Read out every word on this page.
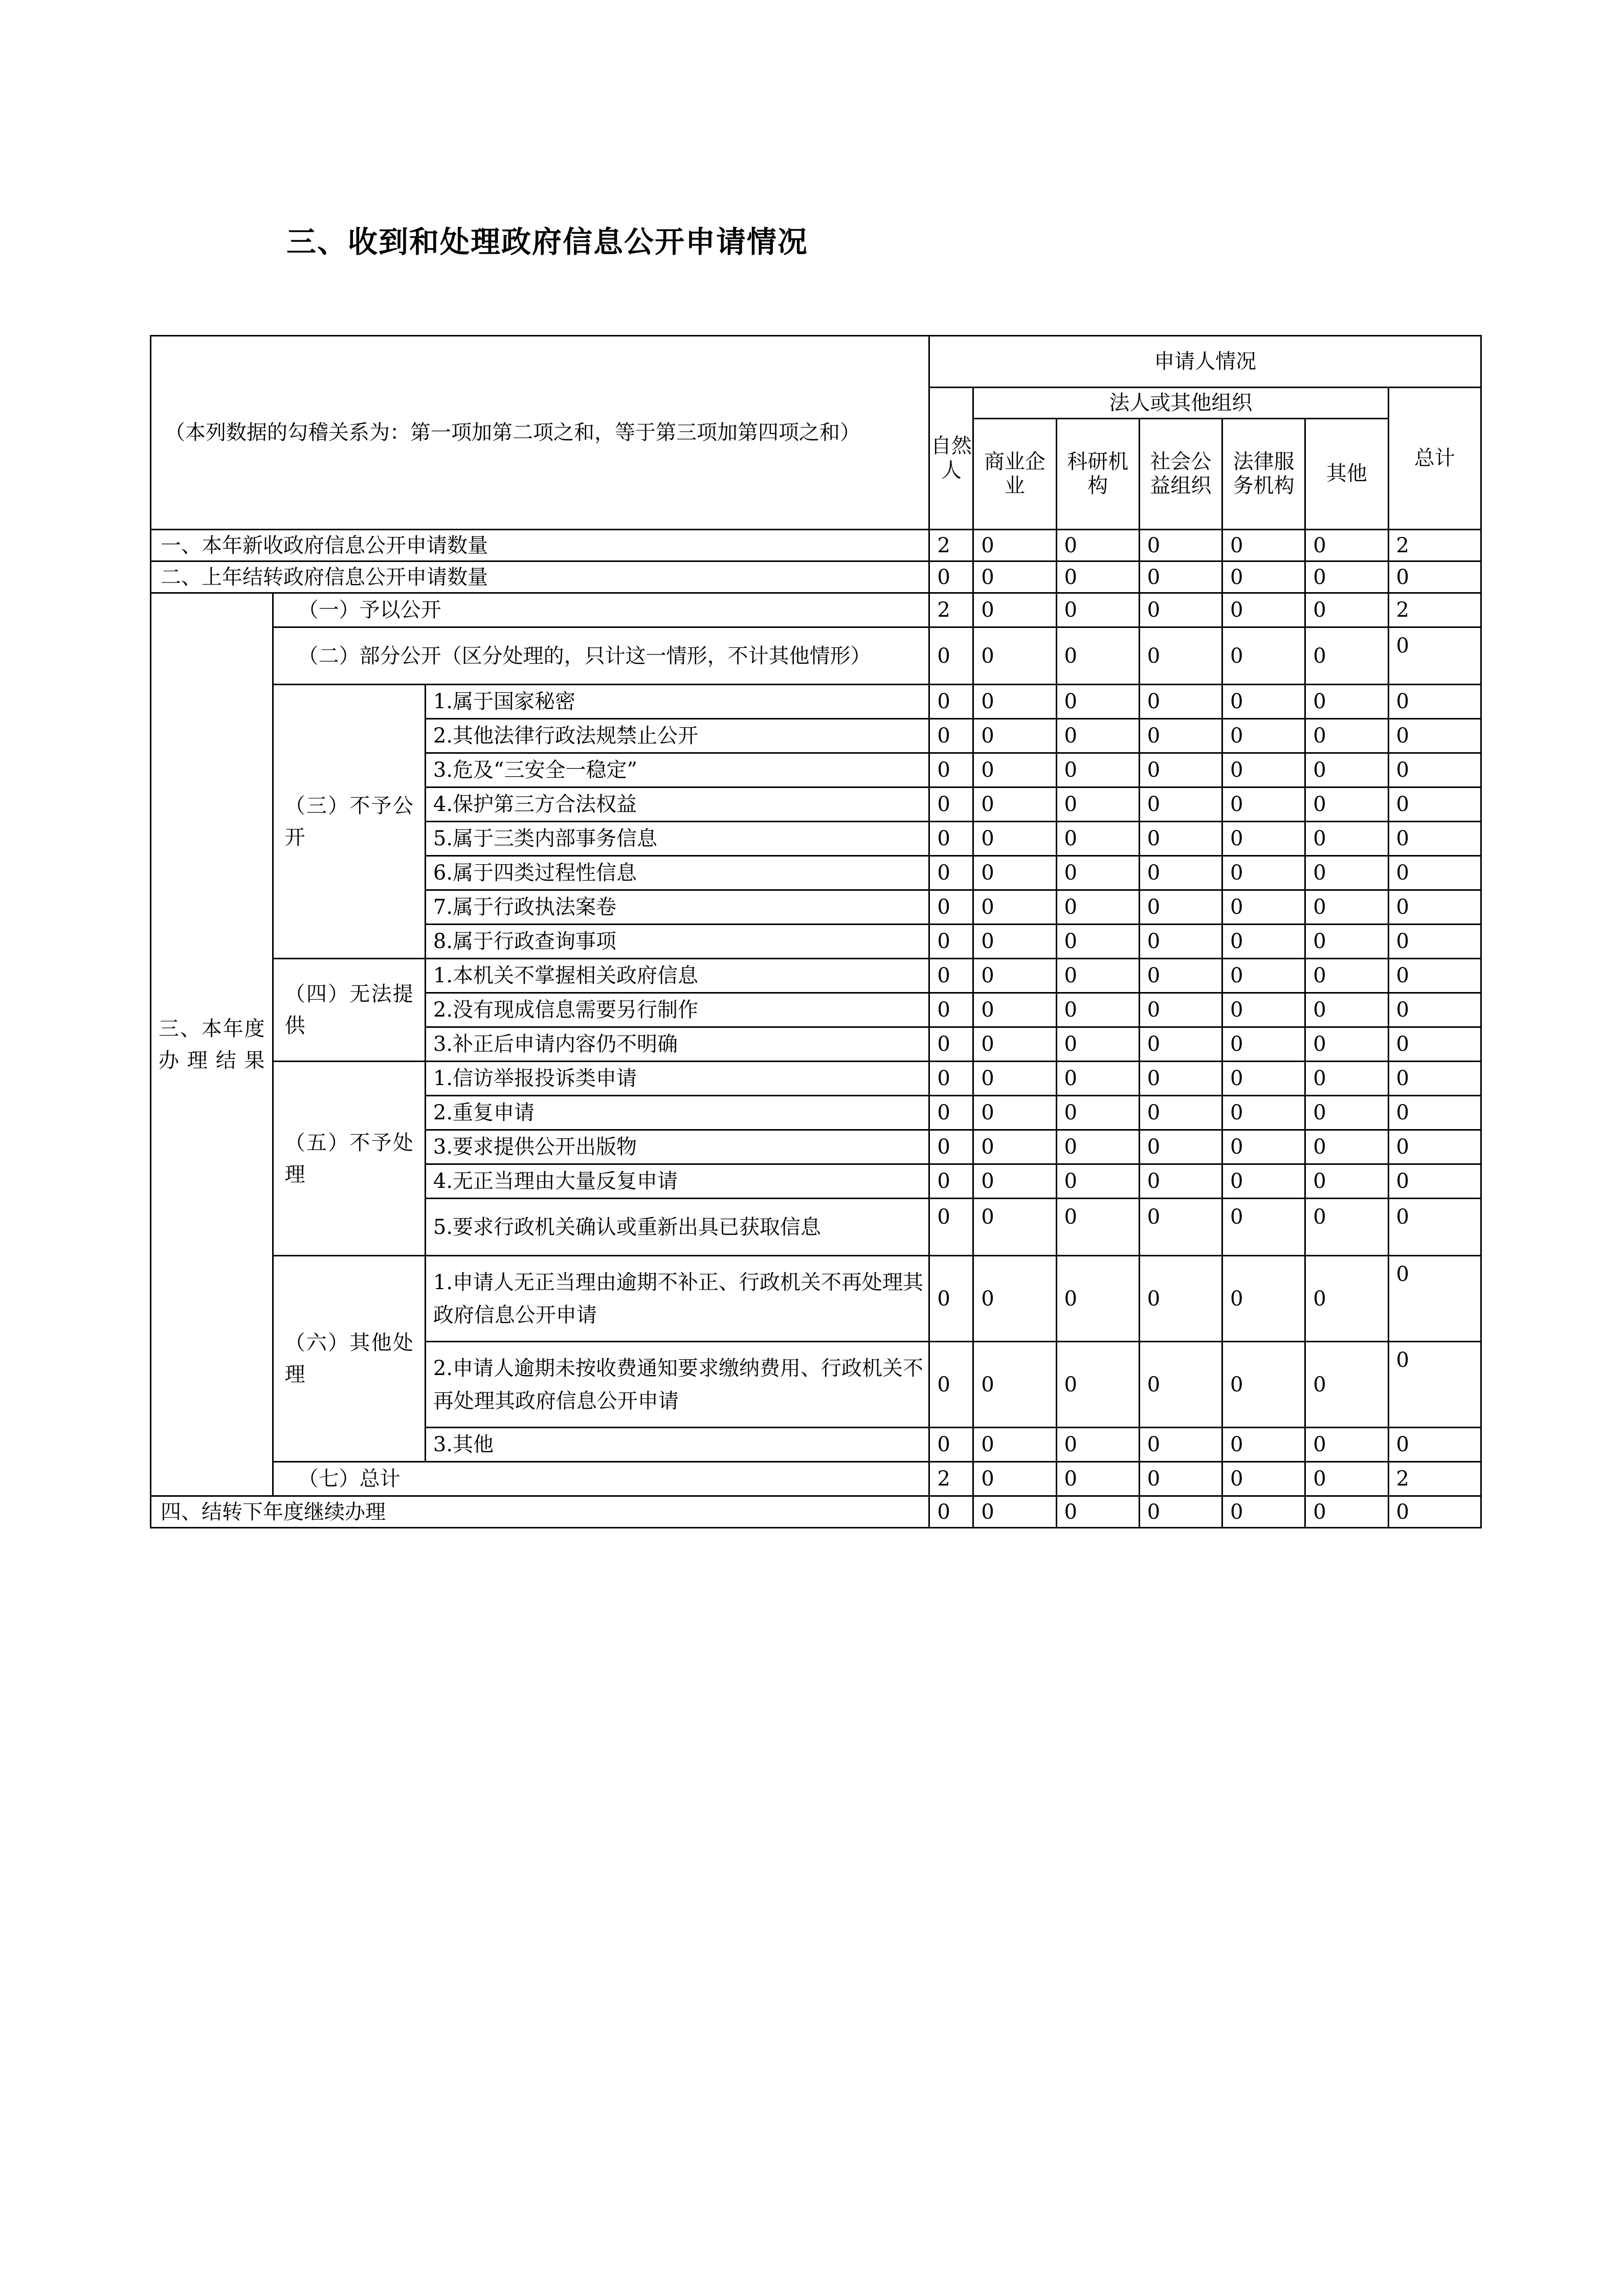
三、收到和处理政府信息公开申请情况
（本列数据的勾稽关系为：第一项加第二项之和，等于第三项加第四项之和）			申请人情况						
			自然人	法人或其他组织					总计
				商业企业	科研机构	社会公益组织	法律服务机构	其他	
一、本年新收政府信息公开申请数量			2	0	0	0	0	0	2
二、上年结转政府信息公开申请数量			0	0	0	0	0	0	0
三、本年度办理结果	（一）予以公开		2	0	0	0	0	0	2
	（二）部分公开（区分处理的，只计这一情形，不计其他情形）		0	0	0	0	0	0	0
	（三）不予公开	1.属于国家秘密	0	0	0	0	0	0	0
		2.其他法律行政法规禁止公开	0	0	0	0	0	0	0
		3.危及“三安全一稳定”	0	0	0	0	0	0	0
		4.保护第三方合法权益	0	0	0	0	0	0	0
		5.属于三类内部事务信息	0	0	0	0	0	0	0
		6.属于四类过程性信息	0	0	0	0	0	0	0
		7.属于行政执法案卷	0	0	0	0	0	0	0
		8.属于行政查询事项	0	0	0	0	0	0	0
	（四）无法提供	1.本机关不掌握相关政府信息	0	0	0	0	0	0	0
		2.没有现成信息需要另行制作	0	0	0	0	0	0	0
		3.补正后申请内容仍不明确	0	0	0	0	0	0	0
	（五）不予处理	1.信访举报投诉类申请	0	0	0	0	0	0	0
		2.重复申请	0	0	0	0	0	0	0
		3.要求提供公开出版物	0	0	0	0	0	0	0
		4.无正当理由大量反复申请	0	0	0	0	0	0	0
		5.要求行政机关确认或重新出具已获取信息	0	0	0	0	0	0	0
	（六）其他处理	1.申请人无正当理由逾期不补正、行政机关不再处理其政府信息公开申请	0	0	0	0	0	0	0
		2.申请人逾期未按收费通知要求缴纳费用、行政机关不再处理其政府信息公开申请	0	0	0	0	0	0	0
		3.其他	0	0	0	0	0	0	0
	（七）总计		2	0	0	0	0	0	2
四、结转下年度继续办理			0	0	0	0	0	0	0
